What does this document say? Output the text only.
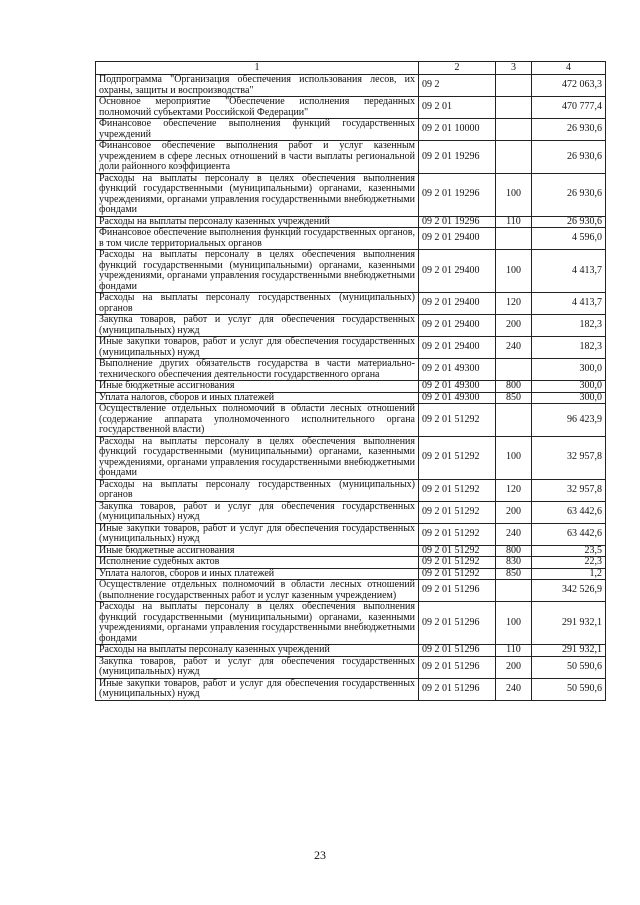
1	2	3	4
Подпрограмма "Организация обеспечения использования лесов, их охраны, защиты и воспроизводства"	09 2		472 063,3
Основное мероприятие "Обеспечение исполнения переданных полномочий субъектами Российской Федерации"	09 2 01		470 777,4
Финансовое обеспечение выполнения функций государственных учреждений	09 2 01 10000		26 930,6
Финансовое обеспечение выполнения работ и услуг казенным учреждением в сфере лесных отношений в части выплаты региональной доли районного коэффициента	09 2 01 19296		26 930,6
Расходы на выплаты персоналу в целях обеспечения выполнения функций государственными (муниципальными) органами, казенными учреждениями, органами управления государственными внебюджетными фондами	09 2 01 19296	100	26 930,6
Расходы на выплаты персоналу казенных учреждений	09 2 01 19296	110	26 930,6
Финансовое обеспечение выполнения функций государственных органов, в том числе территориальных органов	09 2 01 29400		4 596,0
Расходы на выплаты персоналу в целях обеспечения выполнения функций государственными (муниципальными) органами, казенными учреждениями, органами управления государственными внебюджетными фондами	09 2 01 29400	100	4 413,7
Расходы на выплаты персоналу государственных (муниципальных) органов	09 2 01 29400	120	4 413,7
Закупка товаров, работ и услуг для обеспечения государственных (муниципальных) нужд	09 2 01 29400	200	182,3
Иные закупки товаров, работ и услуг для обеспечения государственных (муниципальных) нужд	09 2 01 29400	240	182,3
Выполнение других обязательств государства в части материально-технического обеспечения деятельности государственного органа	09 2 01 49300		300,0
Иные бюджетные ассигнования	09 2 01 49300	800	300,0
Уплата налогов, сборов и иных платежей	09 2 01 49300	850	300,0
Осуществление отдельных полномочий в области лесных отношений (содержание аппарата уполномоченного исполнительного органа государственной власти)	09 2 01 51292		96 423,9
Расходы на выплаты персоналу в целях обеспечения выполнения функций государственными (муниципальными) органами, казенными учреждениями, органами управления государственными внебюджетными фондами	09 2 01 51292	100	32 957,8
Расходы на выплаты персоналу государственных (муниципальных) органов	09 2 01 51292	120	32 957,8
Закупка товаров, работ и услуг для обеспечения государственных (муниципальных) нужд	09 2 01 51292	200	63 442,6
Иные закупки товаров, работ и услуг для обеспечения государственных (муниципальных) нужд	09 2 01 51292	240	63 442,6
Иные бюджетные ассигнования	09 2 01 51292	800	23,5
Исполнение судебных актов	09 2 01 51292	830	22,3
Уплата налогов, сборов и иных платежей	09 2 01 51292	850	1,2
Осуществление отдельных полномочий в области лесных отношений (выполнение государственных работ и услуг казенным учреждением)	09 2 01 51296		342 526,9
Расходы на выплаты персоналу в целях обеспечения выполнения функций государственными (муниципальными) органами, казенными учреждениями, органами управления государственными внебюджетными фондами	09 2 01 51296	100	291 932,1
Расходы на выплаты персоналу казенных учреждений	09 2 01 51296	110	291 932,1
Закупка товаров, работ и услуг для обеспечения государственных (муниципальных) нужд	09 2 01 51296	200	50 590,6
Иные закупки товаров, работ и услуг для обеспечения государственных (муниципальных) нужд	09 2 01 51296	240	50 590,6
23
